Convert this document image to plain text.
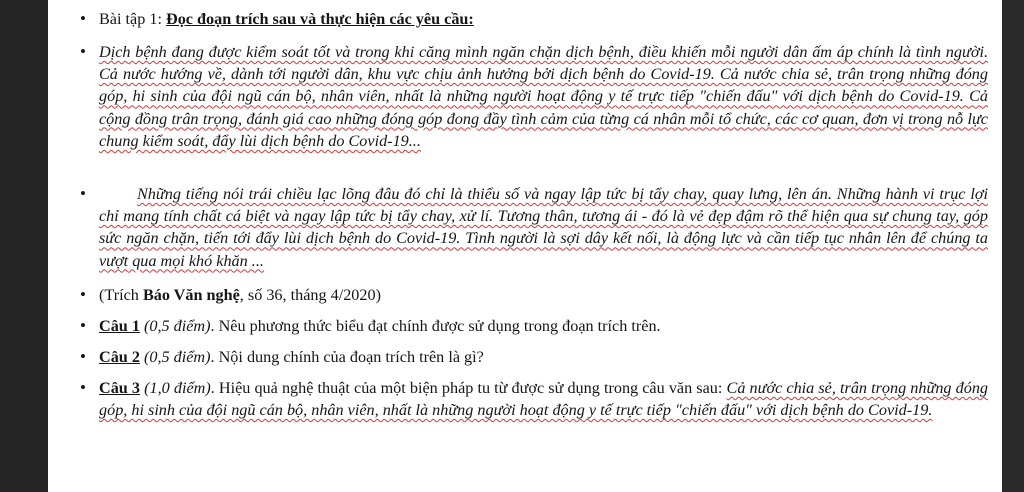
• Bài tập 1: Đọc đoạn trích sau và thực hiện các yêu cầu:
• Dịch bệnh đang được kiểm soát tốt và trong khi căng mình ngăn chặn dịch bệnh, điều khiến mỗi người dân ấm áp chính là tình người. Cả nước hướng về, dành tới người dân, khu vực chịu ảnh hưởng bởi dịch bệnh do Covid-19. Cả nước chia sẻ, trân trọng những đóng góp, hi sinh của đội ngũ cán bộ, nhân viên, nhất là những người hoạt động y tế trực tiếp "chiến đấu" với dịch bệnh do Covid-19. Cả cộng đồng trân trọng, đánh giá cao những đóng góp đong đầy tình cảm của từng cá nhân mỗi tổ chức, các cơ quan, đơn vị trong nỗ lực chung kiểm soát, đẩy lùi dịch bệnh do Covid-19...
•	Những tiếng nói trái chiều lạc lõng đâu đó chỉ là thiểu số và ngay lập tức bị tẩy chay, quay lưng, lên án. Những hành vi trục lợi chỉ mang tính chất cá biệt và ngay lập tức bị tẩy chay, xử lí. Tương thân, tương ái - đó là vẻ đẹp đậm rõ thể hiện qua sự chung tay, góp sức ngăn chặn, tiến tới đẩy lùi dịch bệnh do Covid-19. Tình người là sợi dây kết nối, là động lực và cần tiếp tục nhân lên để chúng ta vượt qua mọi khó khăn ...
• (Trích Báo Văn nghệ, số 36, tháng 4/2020)
• Câu 1 (0,5 điểm). Nêu phương thức biểu đạt chính được sử dụng trong đoạn trích trên.
• Câu 2 (0,5 điểm). Nội dung chính của đoạn trích trên là gì?
• Câu 3 (1,0 điểm). Hiệu quả nghệ thuật của một biện pháp tu từ được sử dụng trong câu văn sau: Cả nước chia sẻ, trân trọng những đóng góp, hi sinh của đội ngũ cán bộ, nhân viên, nhất là những người hoạt động y tế trực tiếp "chiến đấu" với dịch bệnh do Covid-19.
